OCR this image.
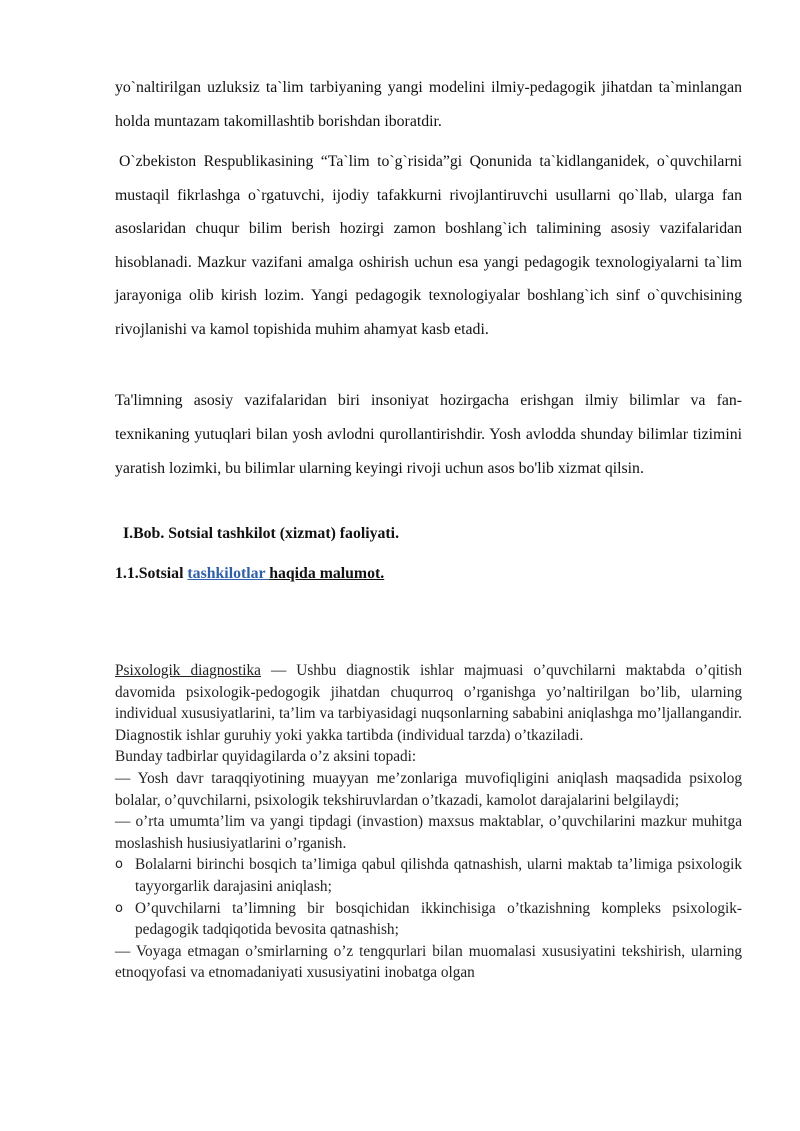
yo`naltirilgan uzluksiz ta`lim tarbiyaning yangi modelini ilmiy-pedagogik jihatdan ta`minlangan holda muntazam takomillashtib borishdan iboratdir.

O`zbekiston Respublikasining “Ta`lim to`g`risida”gi Qonunida ta`kidlanganidek, o`quvchilarni mustaqil fikrlashga o`rgatuvchi, ijodiy tafakkurni rivojlantiruvchi usullarni qo`llab, ularga fan asoslaridan chuqur bilim berish hozirgi zamon boshlang`ich talimining asosiy vazifalaridan hisoblanadi. Mazkur vazifani amalga oshirish uchun esa yangi pedagogik texnologiyalarni ta`lim jarayoniga olib kirish lozim. Yangi pedagogik texnologiyalar boshlang`ich sinf o`quvchisining rivojlanishi va kamol topishida muhim ahamyat kasb etadi.

Ta'limning asosiy vazifalaridan biri insoniyat hozirgacha erishgan ilmiy bilimlar va fan-texnikaning yutuqlari bilan yosh avlodni qurollantirishdir. Yosh avlodda shunday bilimlar tizimini yaratish lozimki, bu bilimlar ularning keyingi rivoji uchun asos bo'lib xizmat qilsin.

I.Bob. Sotsial tashkilot (xizmat) faoliyati.
1.1.Sotsial tashkilotlar haqida malumot.

Psixologik diagnostika — Ushbu diagnostik ishlar majmuasi o’quvchilarni maktabda o’qitish davomida psixologik-pedogogik jihatdan chuqurroq o’rganishga yo’naltirilgan bo’lib, ularning individual xususiyatlarini, ta’lim va tarbiyasidagi nuqsonlarning sababini aniqlashga mo’ljallangandir. Diagnostik ishlar guruhiy yoki yakka tartibda (individual tarzda) o’tkaziladi.

Bunday tadbirlar quyidagilarda o’z aksini topadi:

— Yosh davr taraqqiyotining muayyan me’zonlariga muvofiqligini aniqlash maqsadida psixolog bolalar, o’quvchilarni, psixologik tekshiruvlardan o’tkazadi, kamolot darajalarini belgilaydi;

— o’rta umumta’lim va yangi tipdagi (invastion) maxsus maktablar, o’quvchilarini mazkur muhitga moslashish husiusiyatlarini o’rganish.

o Bolalarni birinchi bosqich ta’limiga qabul qilishda qatnashish, ularni maktab ta’limiga psixologik tayyorgarlik darajasini aniqlash;
o O’quvchilarni ta’limning bir bosqichidan ikkinchisiga o’tkazishning kompleks psixologik-pedagogik tadqiqotida bevosita qatnashish;

— Voyaga etmagan o’smirlarning o’z tengqurlari bilan muomalasi xususiyatini tekshirish, ularning etnoqyofasi va etnomadaniyati xususiyatini inobatga olgan
